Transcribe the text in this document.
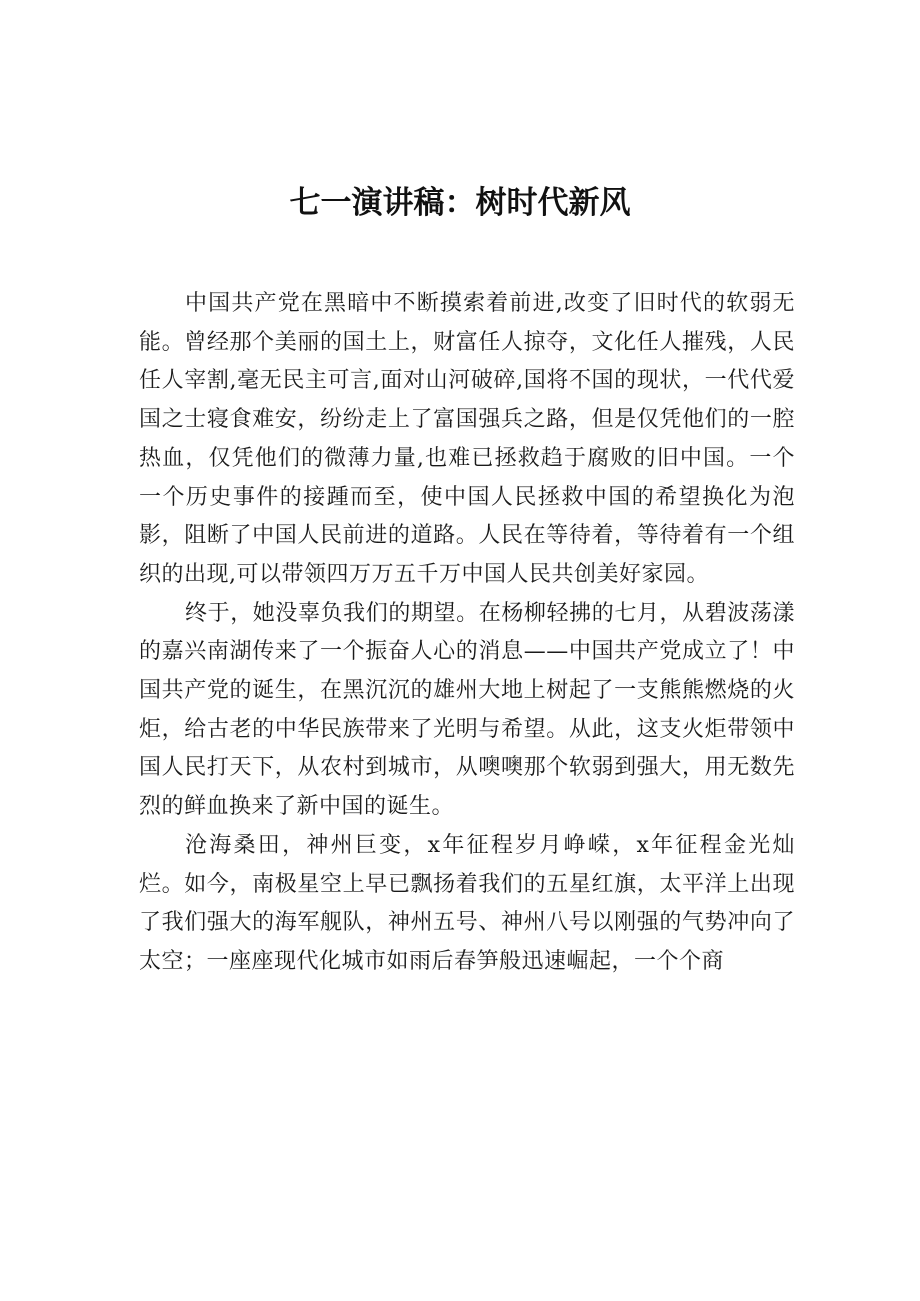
七一演讲稿：树时代新风

中国共产党在黑暗中不断摸索着前进,改变了旧时代的软弱无能。曾经那个美丽的国土上，财富任人掠夺，文化任人摧残，人民任人宰割,毫无民主可言,面对山河破碎,国将不国的现状，一代代爱国之士寝食难安，纷纷走上了富国强兵之路，但是仅凭他们的一腔热血，仅凭他们的微薄力量,也难已拯救趋于腐败的旧中国。一个一个历史事件的接踵而至，使中国人民拯救中国的希望换化为泡影，阻断了中国人民前进的道路。人民在等待着，等待着有一个组织的出现,可以带领四万万五千万中国人民共创美好家园。

终于，她没辜负我们的期望。在杨柳轻拂的七月，从碧波荡漾的嘉兴南湖传来了一个振奋人心的消息——中国共产党成立了！中国共产党的诞生，在黑沉沉的雄州大地上树起了一支熊熊燃烧的火炬，给古老的中华民族带来了光明与希望。从此，这支火炬带领中国人民打天下，从农村到城市，从噢噢那个软弱到强大，用无数先烈的鲜血换来了新中国的诞生。

沧海桑田，神州巨变，x年征程岁月峥嵘，x年征程金光灿烂。如今，南极星空上早已飘扬着我们的五星红旗，太平洋上出现了我们强大的海军舰队，神州五号、神州八号以刚强的气势冲向了太空；一座座现代化城市如雨后春笋般迅速崛起，一个个商
